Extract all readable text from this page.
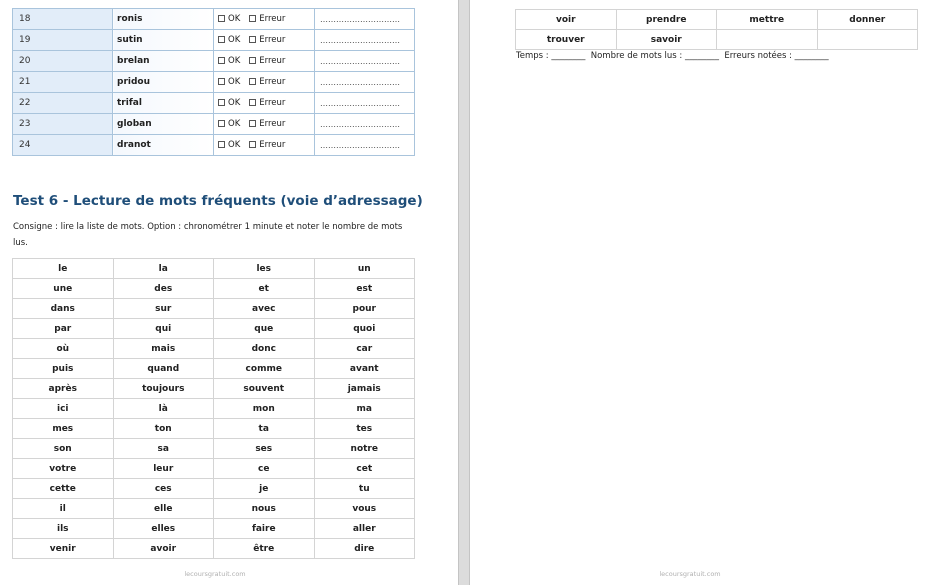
18	ronis	OK Erreur	…………………………
19	sutin	OK Erreur	…………………………
20	brelan	OK Erreur	…………………………
21	pridou	OK Erreur	…………………………
22	trifal	OK Erreur	…………………………
23	globan	OK Erreur	…………………………
24	dranot	OK Erreur	…………………………
Test 6 - Lecture de mots fréquents (voie d’adressage)

Consigne : lire la liste de mots. Option : chronométrer 1 minute et noter le nombre de mots lus.

le	la	les	un
une	des	et	est
dans	sur	avec	pour
par	qui	que	quoi
où	mais	donc	car
puis	quand	comme	avant
après	toujours	souvent	jamais
ici	là	mon	ma
mes	ton	ta	tes
son	sa	ses	notre
votre	leur	ce	cet
cette	ces	je	tu
il	elle	nous	vous
ils	elles	faire	aller
venir	avoir	être	dire
lecoursgratuit.com
voir	prendre	mettre	donner
trouver	savoir		
Temps : ________  Nombre de mots lus : ________  Erreurs notées : ________
lecoursgratuit.com
